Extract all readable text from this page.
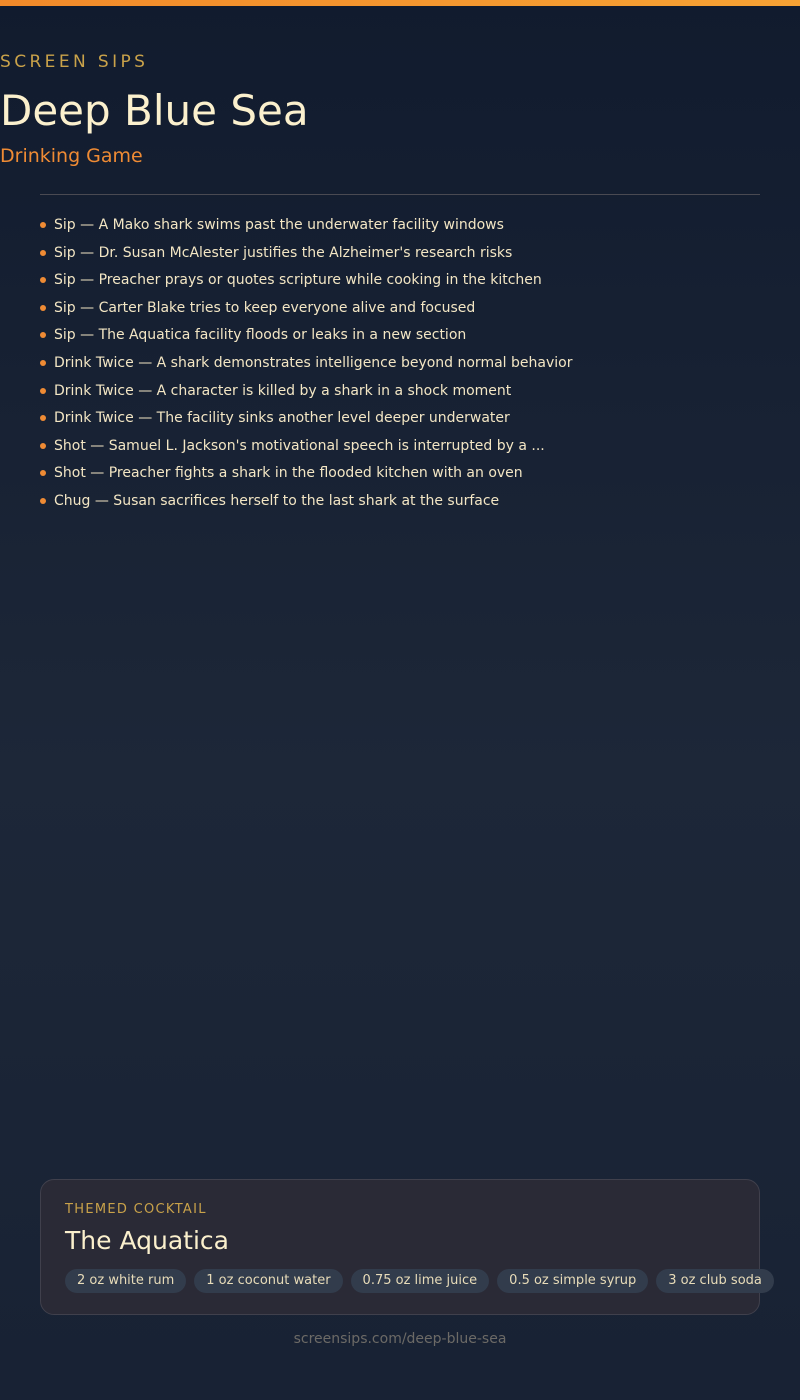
SCREEN SIPS
Deep Blue Sea
Drinking Game
Sip — A Mako shark swims past the underwater facility windows
Sip — Dr. Susan McAlester justifies the Alzheimer's research risks
Sip — Preacher prays or quotes scripture while cooking in the kitchen
Sip — Carter Blake tries to keep everyone alive and focused
Sip — The Aquatica facility floods or leaks in a new section
Drink Twice — A shark demonstrates intelligence beyond normal behavior
Drink Twice — A character is killed by a shark in a shock moment
Drink Twice — The facility sinks another level deeper underwater
Shot — Samuel L. Jackson's motivational speech is interrupted by a ...
Shot — Preacher fights a shark in the flooded kitchen with an oven
Chug — Susan sacrifices herself to the last shark at the surface
THEMED COCKTAIL
The Aquatica
2 oz white rum	1 oz coconut water	0.75 oz lime juice	0.5 oz simple syrup	3 oz club soda
screensips.com/deep-blue-sea
